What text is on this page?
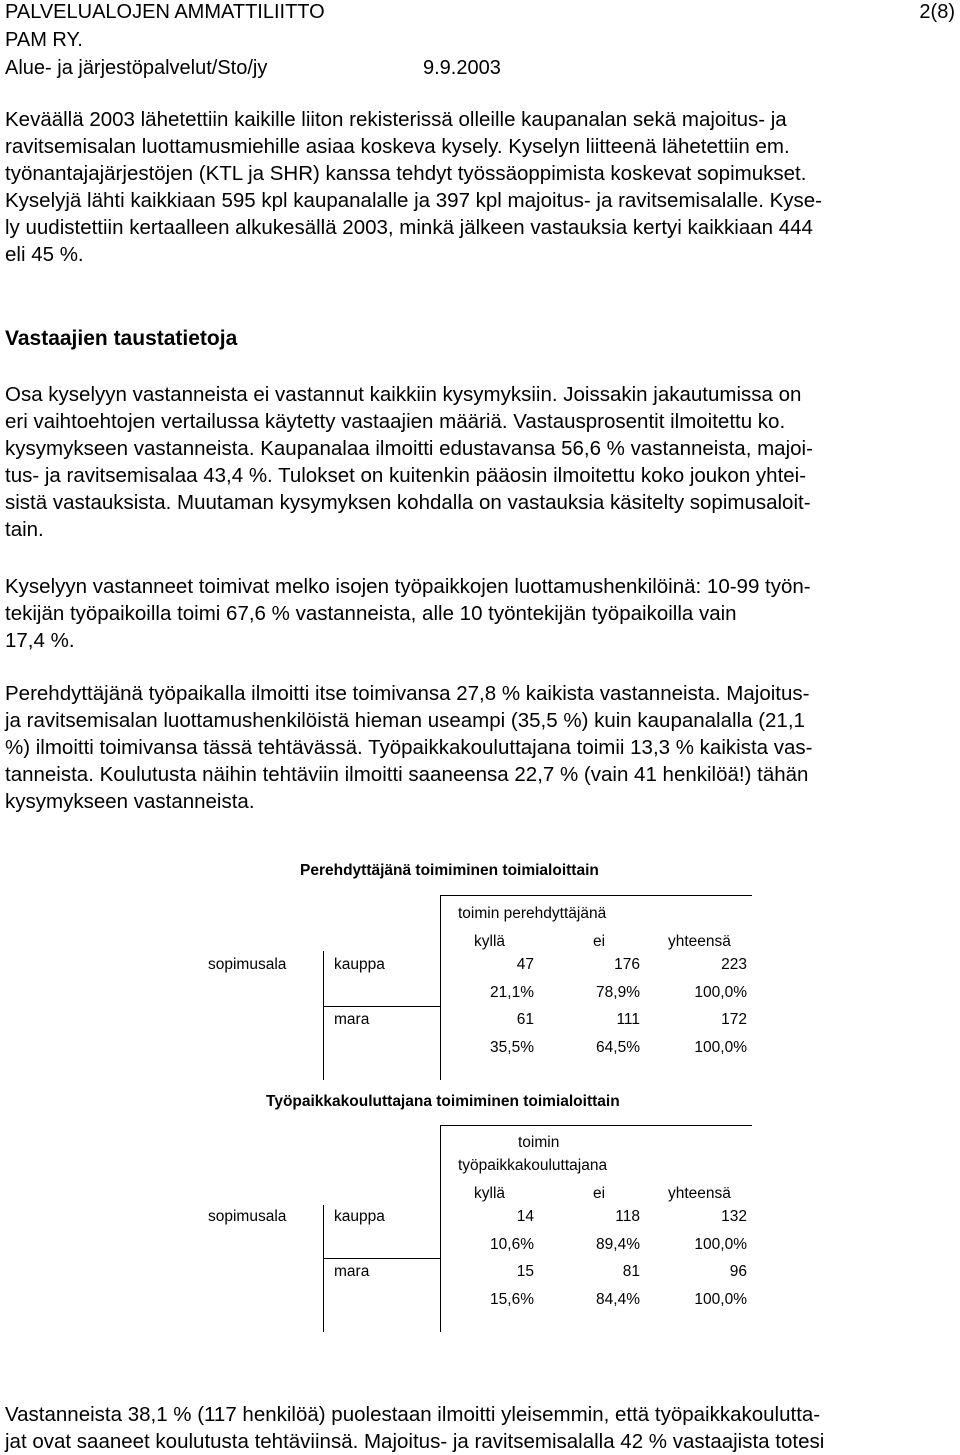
PALVELUALOJEN AMMATTILIITTO	2(8)
PAM RY.
Alue- ja järjestöpalvelut/Sto/jy	9.9.2003
Keväällä 2003 lähetettiin kaikille liiton rekisterissä olleille kaupanalan sekä majoitus- ja
ravitsemisalan luottamusmiehille asiaa koskeva kysely. Kyselyn liitteenä lähetettiin em.
työnantajajärjestöjen (KTL ja SHR) kanssa tehdyt työssäoppimista koskevat sopimukset.
Kyselyjä lähti kaikkiaan 595 kpl kaupanalalle ja 397 kpl majoitus- ja ravitsemisalalle. Kyse-
ly uudistettiin kertaalleen alkukesällä 2003, minkä jälkeen vastauksia kertyi kaikkiaan 444
eli 45 %.
Vastaajien taustatietoja
Osa kyselyyn vastanneista ei vastannut kaikkiin kysymyksiin. Joissakin jakautumissa on
eri vaihtoehtojen vertailussa käytetty vastaajien määriä. Vastausprosentit ilmoitettu ko.
kysymykseen vastanneista. Kaupanalaa ilmoitti edustavansa 56,6 % vastanneista, majoi-
tus- ja ravitsemisalaa 43,4 %. Tulokset on kuitenkin pääosin ilmoitettu koko joukon yhtei-
sistä vastauksista. Muutaman kysymyksen kohdalla on vastauksia käsitelty sopimusaloit-
tain.
Kyselyyn vastanneet toimivat melko isojen työpaikkojen luottamushenkilöinä: 10-99 työn-
tekijän työpaikoilla toimi 67,6 % vastanneista, alle 10 työntekijän työpaikoilla vain
17,4 %.
Perehdyttäjänä työpaikalla ilmoitti itse toimivansa 27,8 % kaikista vastanneista. Majoitus-
ja ravitsemisalan luottamushenkilöistä hieman useampi (35,5 %) kuin kaupanalalla (21,1
%) ilmoitti toimivansa tässä tehtävässä. Työpaikkakouluttajana toimii 13,3 % kaikista vas-
tanneista. Koulutusta näihin tehtäviin ilmoitti saaneensa 22,7 % (vain 41 henkilöä!) tähän
kysymykseen vastanneista.
Perehdyttäjänä toimiminen toimialoittain
toimin perehdyttäjänä
kyllä	ei	yhteensä
sopimusala	kauppa	47	176	223
21,1%	78,9%	100,0%
mara	61	111	172
35,5%	64,5%	100,0%
Työpaikkakouluttajana toimiminen toimialoittain
toimin
työpaikkakouluttajana
kyllä	ei	yhteensä
sopimusala	kauppa	14	118	132
10,6%	89,4%	100,0%
mara	15	81	96
15,6%	84,4%	100,0%
Vastanneista 38,1 % (117 henkilöä) puolestaan ilmoitti yleisemmin, että työpaikkakoulutta-
jat ovat saaneet koulutusta tehtäviinsä. Majoitus- ja ravitsemisalalla 42 % vastaajista totesi
